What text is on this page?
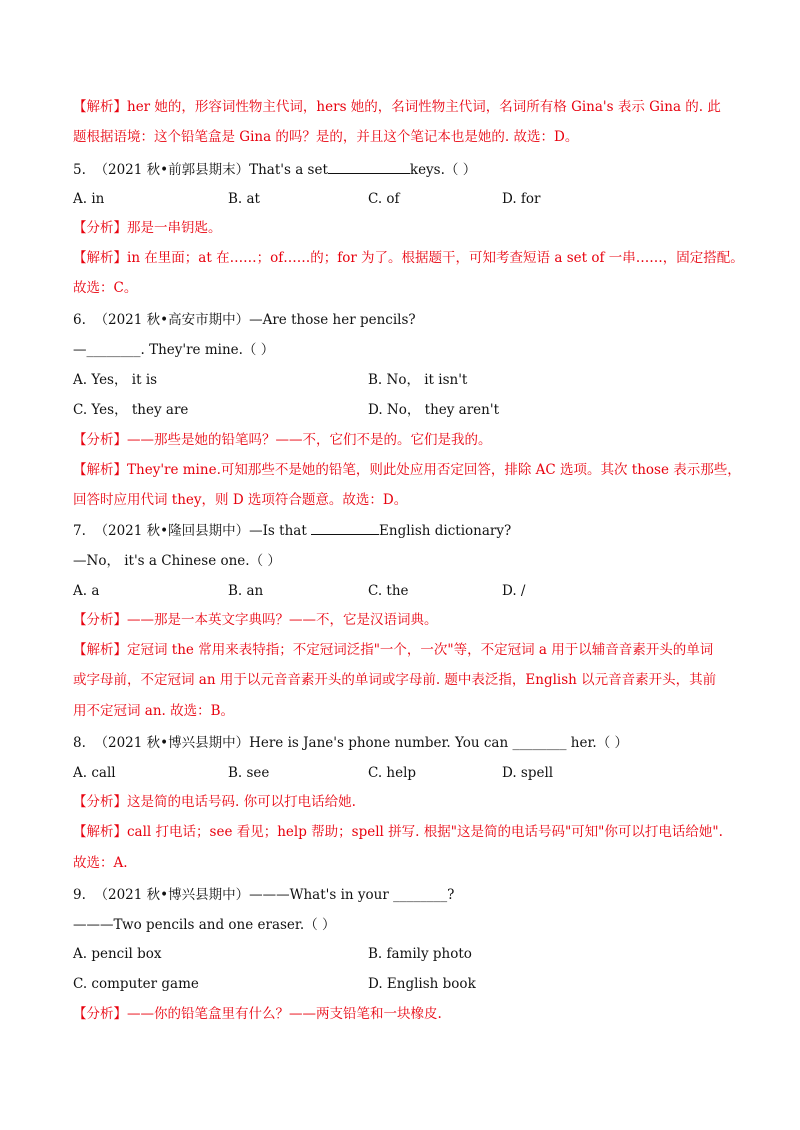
【解析】her 她的，形容词性物主代词，hers 她的，名词性物主代词，名词所有格 Gina's 表示 Gina 的. 此
题根据语境：这个铅笔盒是 Gina 的吗？是的，并且这个笔记本也是她的. 故选：D。
5. （2021 秋•前郭县期末）That's a set	keys.（ ）
A. in	B. at	C. of	D. for
【分析】那是一串钥匙。
【解析】in 在里面；at 在……；of……的；for 为了。根据题干，可知考查短语 a set of 一串……，固定搭配。
故选：C。
6. （2021 秋•高安市期中）—Are those her pencils?
—________. They're mine.（ ）
A. Yes， it is	B. No， it isn't
C. Yes， they are	D. No， they aren't
【分析】——那些是她的铅笔吗？——不，它们不是的。它们是我的。
【解析】They're mine.可知那些不是她的铅笔，则此处应用否定回答，排除 AC 选项。其次 those 表示那些，
回答时应用代词 they，则 D 选项符合题意。故选：D。
7. （2021 秋•隆回县期中）—Is that	English dictionary?
—No， it's a Chinese one.（ ）
A. a	B. an	C. the	D. /
【分析】——那是一本英文字典吗？——不，它是汉语词典。
【解析】定冠词 the 常用来表特指；不定冠词泛指"一个，一次"等，不定冠词 a 用于以辅音音素开头的单词
或字母前，不定冠词 an 用于以元音音素开头的单词或字母前. 题中表泛指，English 以元音音素开头，其前
用不定冠词 an. 故选：B。
8. （2021 秋•博兴县期中）Here is Jane's phone number. You can ________ her.（ ）
A. call	B. see	C. help	D. spell
【分析】这是简的电话号码. 你可以打电话给她.
【解析】call 打电话；see 看见；help 帮助；spell 拼写. 根据"这是简的电话号码"可知"你可以打电话给她".
故选：A.
9. （2021 秋•博兴县期中）———What's in your ________?
———Two pencils and one eraser.（ ）
A. pencil box	B. family photo
C. computer game	D. English book
【分析】——你的铅笔盒里有什么？——两支铅笔和一块橡皮.
